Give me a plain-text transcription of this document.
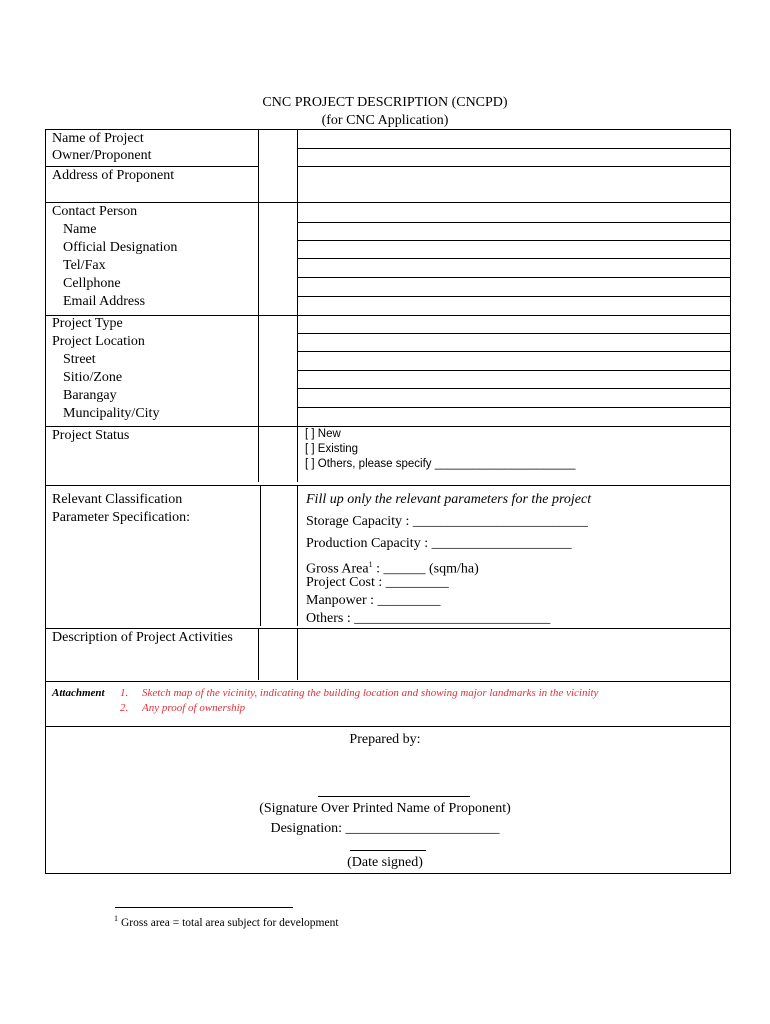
CNC PROJECT DESCRIPTION (CNCPD)
(for CNC Application)
Name of Project
Owner/Proponent
Address of Proponent
Contact Person
Name
Official Designation
Tel/Fax
Cellphone
Email Address
Project Type
Project Location
Street
Sitio/Zone
Barangay
Muncipality/City
Project Status	[ ] New
[ ] Existing
[ ] Others, please specify ______________________
Relevant Classification
Parameter Specification:
Fill up only the relevant parameters for the project
Storage Capacity : _________________________
Production Capacity : ____________________
Gross Area$^1$ : ______ (sqm/ha)
Project Cost : _________
Manpower : _________
Others : ____________________________
Description of Project Activities
Attachment 1. Sketch map of the vicinity, indicating the building location and showing major landmarks in the vicinity
2. Any proof of ownership
Prepared by:
(Signature Over Printed Name of Proponent)
Designation: ______________________
(Date signed)
1 Gross area = total area subject for development
